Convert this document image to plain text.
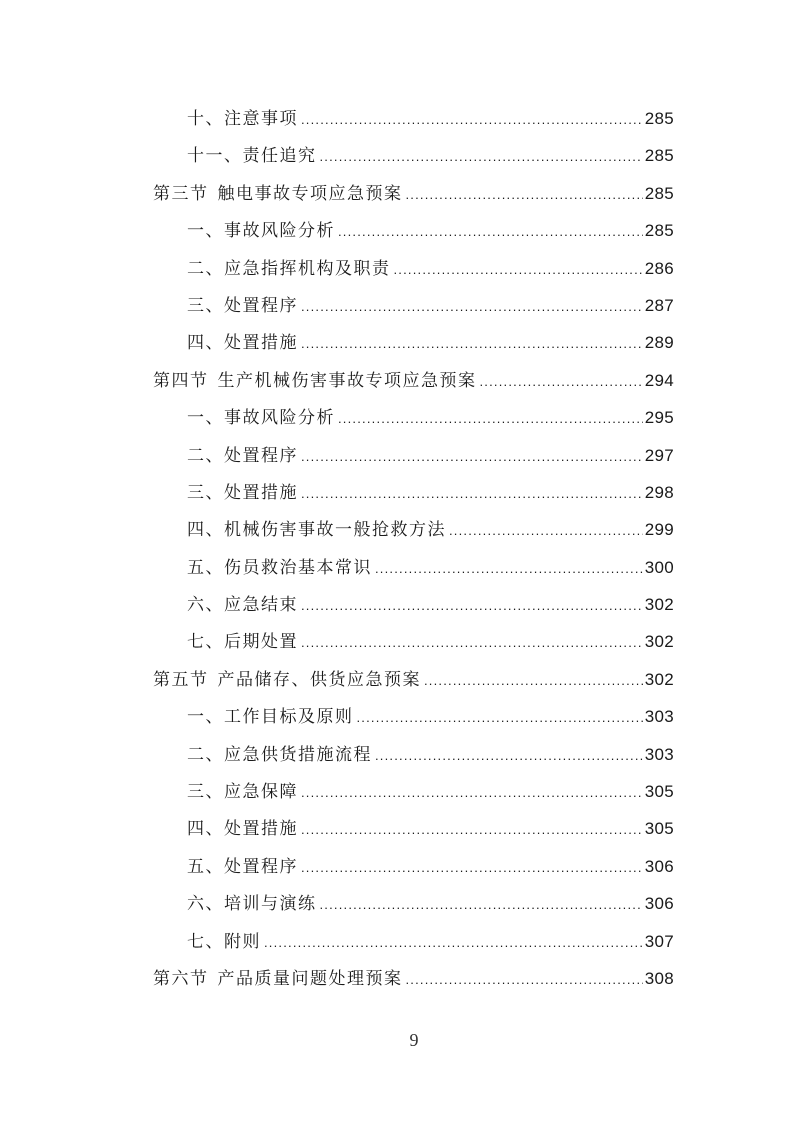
十、注意事项 .....	285
十一、责任追究 .....	285
第三节 触电事故专项应急预案 .....	285
一、事故风险分析 .....	285
二、应急指挥机构及职责 .....	286
三、处置程序 .....	287
四、处置措施 .....	289
第四节 生产机械伤害事故专项应急预案 .....	294
一、事故风险分析 .....	295
二、处置程序 .....	297
三、处置措施 .....	298
四、机械伤害事故一般抢救方法 .....	299
五、伤员救治基本常识 .....	300
六、应急结束 .....	302
七、后期处置 .....	302
第五节 产品储存、供货应急预案 .....	302
一、工作目标及原则 .....	303
二、应急供货措施流程 .....	303
三、应急保障 .....	305
四、处置措施 .....	305
五、处置程序 .....	306
六、培训与演练 .....	306
七、附则 .....	307
第六节 产品质量问题处理预案 .....	308
9
